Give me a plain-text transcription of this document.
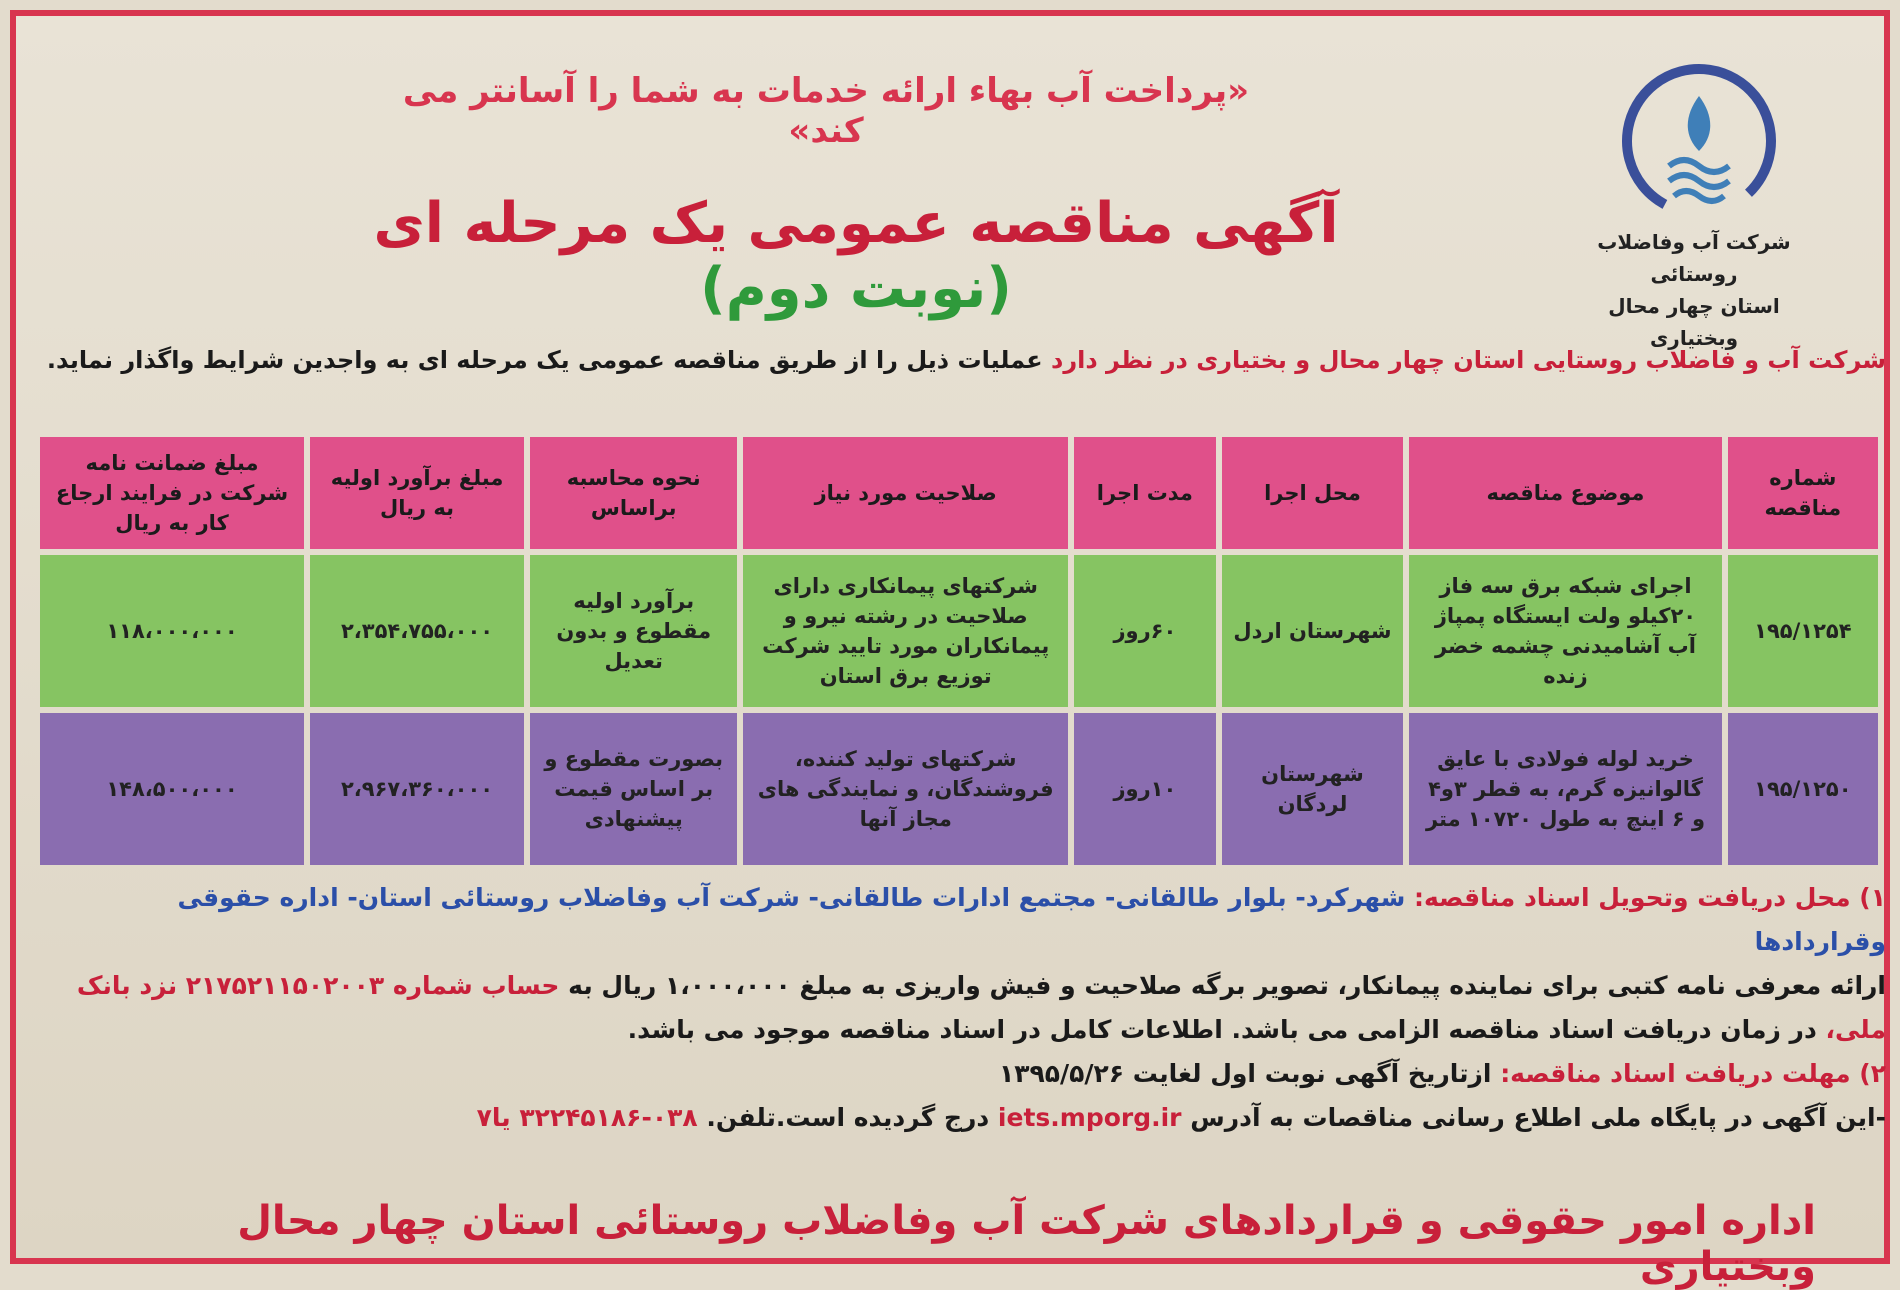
«پرداخت آب بهاء ارائه خدمات به شما را آسانتر می کند»
آگهی مناقصه عمومی یک مرحله ای (نوبت دوم)
شرکت آب وفاضلاب روستائی
استان چهار محال وبختیاری
شرکت آب و فاضلاب روستایی استان چهار محال و بختیاری در نظر دارد عملیات ذیل را از طریق مناقصه عمومی یک مرحله ای به واجدین شرایط واگذار نماید.
شماره مناقصه	موضوع مناقصه	محل اجرا	مدت اجرا	صلاحیت مورد نیاز	نحوه محاسبه براساس	مبلغ برآورد اولیه به ریال	مبلغ ضمانت نامه شرکت در فرایند ارجاع کار به ریال
۱۹۵/۱۲۵۴	اجرای شبکه برق سه فاز ۲۰کیلو ولت ایستگاه پمپاژ آب آشامیدنی چشمه خضر زنده	شهرستان اردل	۶۰روز	شرکتهای پیمانکاری دارای صلاحیت در رشته نیرو و پیمانکاران مورد تایید شرکت توزیع برق استان	برآورد اولیه مقطوع و بدون تعدیل	۲،۳۵۴،۷۵۵،۰۰۰	۱۱۸،۰۰۰،۰۰۰
۱۹۵/۱۲۵۰	خرید لوله فولادی با عایق گالوانیزه گرم، به قطر ۳و۴ و ۶ اینچ به طول ۱۰۷۲۰ متر	شهرستان لردگان	۱۰روز	شرکتهای تولید کننده، فروشندگان، و نمایندگی های مجاز آنها	بصورت مقطوع و بر اساس قیمت پیشنهادی	۲،۹۶۷،۳۶۰،۰۰۰	۱۴۸،۵۰۰،۰۰۰

۱) محل دریافت وتحویل اسناد مناقصه: شهرکرد- بلوار طالقانی- مجتمع ادارات طالقانی- شرکت آب وفاضلاب روستائی استان- اداره حقوقی وقراردادها

ارائه معرفی نامه کتبی برای نماینده پیمانکار، تصویر برگه صلاحیت و فیش واریزی به مبلغ ۱،۰۰۰،۰۰۰ ریال به حساب شماره ۲۱۷۵۲۱۱۵۰۲۰۰۳ نزد بانک ملی، در زمان دریافت اسناد مناقصه الزامی می باشد. اطلاعات کامل در اسناد مناقصه موجود می باشد.

۲) مهلت دریافت اسناد مناقصه: ازتاریخ آگهی نوبت اول لغایت ۱۳۹۵/۵/۲۶

-این آگهی در پایگاه ملی اطلاع رسانی مناقصات به آدرس iets.mporg.ir درج گردیده است.تلفن. ۰۳۸-۳۲۲۴۵۱۸۶ یا۷

اداره امور حقوقی و قراردادهای شرکت آب وفاضلاب روستائی استان چهار محال وبختیاری
